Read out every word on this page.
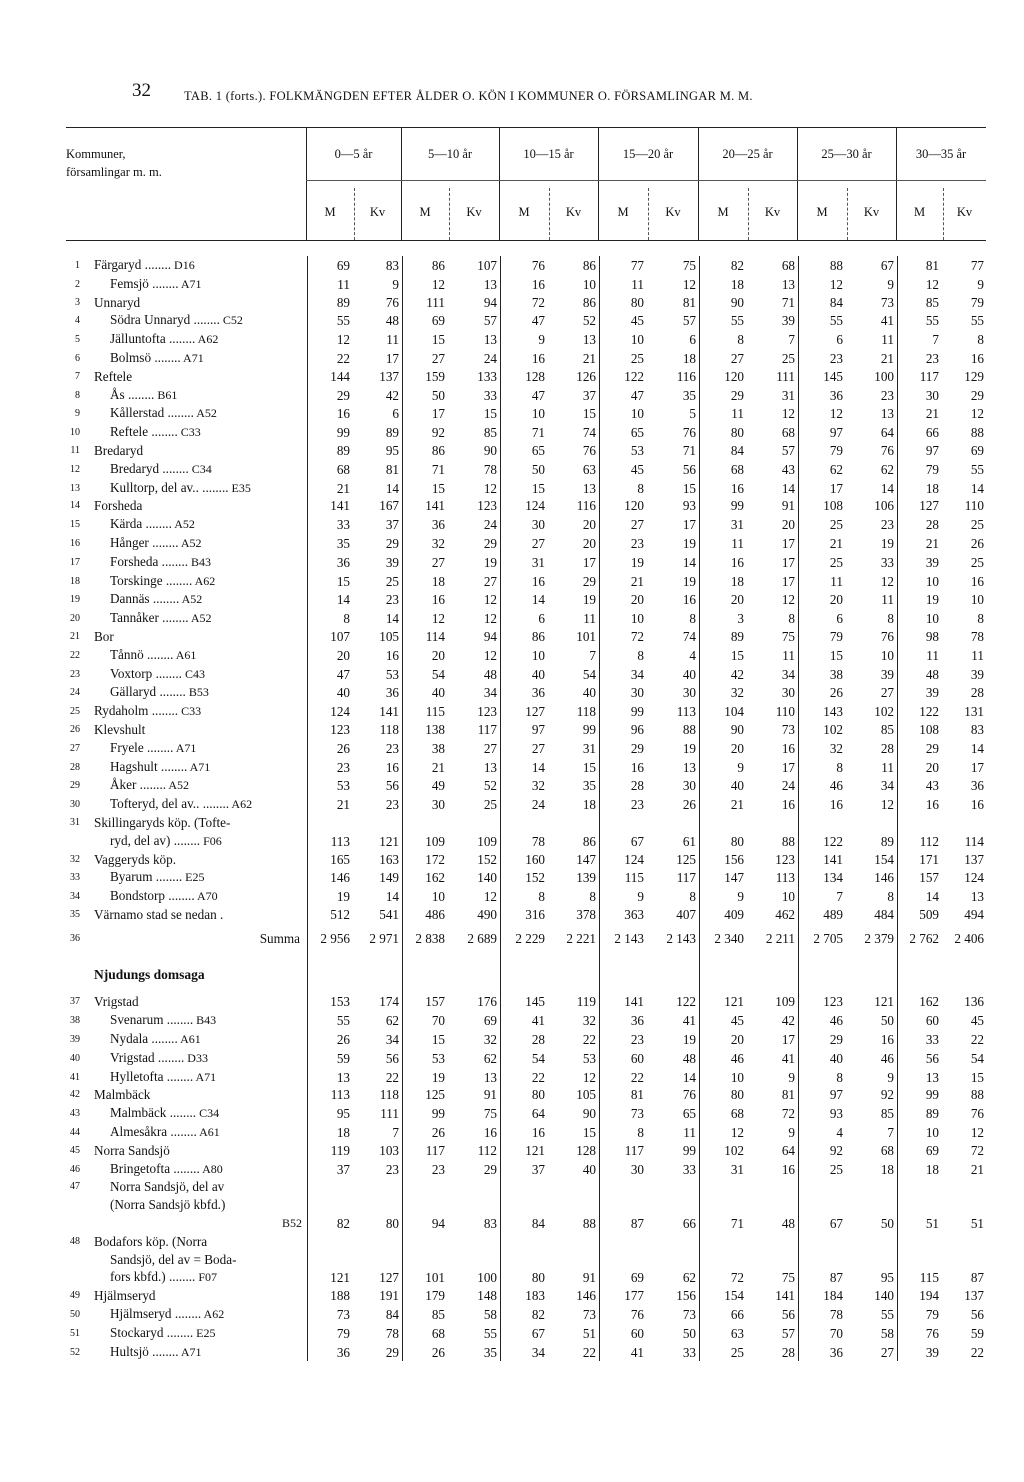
32	TAB. 1 (forts.). FOLKMÄNGDEN EFTER ÅLDER O. KÖN I KOMMUNER O. FÖRSAMLINGAR M. M.
Kommuner,
församlingar m. m.
0—5 år
M	Kv
5—10 år
M	Kv
10—15 år
M	Kv
15—20 år
M	Kv
20—25 år
M	Kv
25—30 år
M	Kv
30—35 år
M	Kv
1	Färgaryd ........ D16	69	83	86	107	76	86	77	75	82	68	88	67	81	77
2	Femsjö ........ A71	11	9	12	13	16	10	11	12	18	13	12	9	12	9
3	Unnaryd	89	76	111	94	72	86	80	81	90	71	84	73	85	79
4	Södra Unnaryd ........ C52	55	48	69	57	47	52	45	57	55	39	55	41	55	55
5	Jälluntofta ........ A62	12	11	15	13	9	13	10	6	8	7	6	11	7	8
6	Bolmsö ........ A71	22	17	27	24	16	21	25	18	27	25	23	21	23	16
7	Reftele	144	137	159	133	128	126	122	116	120	111	145	100	117	129
8	Ås ........ B61	29	42	50	33	47	37	47	35	29	31	36	23	30	29
9	Kållerstad ........ A52	16	6	17	15	10	15	10	5	11	12	12	13	21	12
10	Reftele ........ C33	99	89	92	85	71	74	65	76	80	68	97	64	66	88
11	Bredaryd	89	95	86	90	65	76	53	71	84	57	79	76	97	69
12	Bredaryd ........ C34	68	81	71	78	50	63	45	56	68	43	62	62	79	55
13	Kulltorp, del av.. ........ E35	21	14	15	12	15	13	8	15	16	14	17	14	18	14
14	Forsheda	141	167	141	123	124	116	120	93	99	91	108	106	127	110
15	Kärda ........ A52	33	37	36	24	30	20	27	17	31	20	25	23	28	25
16	Hånger ........ A52	35	29	32	29	27	20	23	19	11	17	21	19	21	26
17	Forsheda ........ B43	36	39	27	19	31	17	19	14	16	17	25	33	39	25
18	Torskinge ........ A62	15	25	18	27	16	29	21	19	18	17	11	12	10	16
19	Dannäs ........ A52	14	23	16	12	14	19	20	16	20	12	20	11	19	10
20	Tannåker ........ A52	8	14	12	12	6	11	10	8	3	8	6	8	10	8
21	Bor	107	105	114	94	86	101	72	74	89	75	79	76	98	78
22	Tånnö ........ A61	20	16	20	12	10	7	8	4	15	11	15	10	11	11
23	Voxtorp ........ C43	47	53	54	48	40	54	34	40	42	34	38	39	48	39
24	Gällaryd ........ B53	40	36	40	34	36	40	30	30	32	30	26	27	39	28
25	Rydaholm ........ C33	124	141	115	123	127	118	99	113	104	110	143	102	122	131
26	Klevshult	123	118	138	117	97	99	96	88	90	73	102	85	108	83
27	Fryele ........ A71	26	23	38	27	27	31	29	19	20	16	32	28	29	14
28	Hagshult ........ A71	23	16	21	13	14	15	16	13	9	17	8	11	20	17
29	Åker ........ A52	53	56	49	52	32	35	28	30	40	24	46	34	43	36
30	Tofteryd, del av.. ........ A62	21	23	30	25	24	18	23	26	21	16	16	12	16	16
31	Skillingaryds köp. (Tofte-														
	ryd, del av) ........ F06	113	121	109	109	78	86	67	61	80	88	122	89	112	114
32	Vaggeryds köp.	165	163	172	152	160	147	124	125	156	123	141	154	171	137
33	Byarum ........ E25	146	149	162	140	152	139	115	117	147	113	134	146	157	124
34	Bondstorp ........ A70	19	14	10	12	8	8	9	8	9	10	7	8	14	13
35	Värnamo stad se nedan .	512	541	486	490	316	378	363	407	409	462	489	484	509	494

36	Summa	2 956	2 971	2 838	2 689	2 229	2 221	2 143	2 143	2 340	2 211	2 705	2 379	2 762	2 406

37	Vrigstad	153	174	157	176	145	119	141	122	121	109	123	121	162	136
38	Svenarum ........ B43	55	62	70	69	41	32	36	41	45	42	46	50	60	45
39	Nydala ........ A61	26	34	15	32	28	22	23	19	20	17	29	16	33	22
40	Vrigstad ........ D33	59	56	53	62	54	53	60	48	46	41	40	46	56	54
41	Hylletofta ........ A71	13	22	19	13	22	12	22	14	10	9	8	9	13	15
42	Malmbäck	113	118	125	91	80	105	81	76	80	81	97	92	99	88
43	Malmbäck ........ C34	95	111	99	75	64	90	73	65	68	72	93	85	89	76
44	Almesåkra ........ A61	18	7	26	16	16	15	8	11	12	9	4	7	10	12
45	Norra Sandsjö	119	103	117	112	121	128	117	99	102	64	92	68	69	72
46	Bringetofta ........ A80	37	23	23	29	37	40	30	33	31	16	25	18	18	21
47	Norra Sandsjö, del av														
	(Norra Sandsjö kbfd.)														
	B52	82	80	94	83	84	88	87	66	71	48	67	50	51	51
48	Bodafors köp. (Norra														
	Sandsjö, del av = Boda-														
	fors kbfd.) ........ F07	121	127	101	100	80	91	69	62	72	75	87	95	115	87
49	Hjälmseryd	188	191	179	148	183	146	177	156	154	141	184	140	194	137
50	Hjälmseryd ........ A62	73	84	85	58	82	73	76	73	66	56	78	55	79	56
51	Stockaryd ........ E25	79	78	68	55	67	51	60	50	63	57	70	58	76	59
52	Hultsjö ........ A71	36	29	26	35	34	22	41	33	25	28	36	27	39	22
Njudungs domsaga
